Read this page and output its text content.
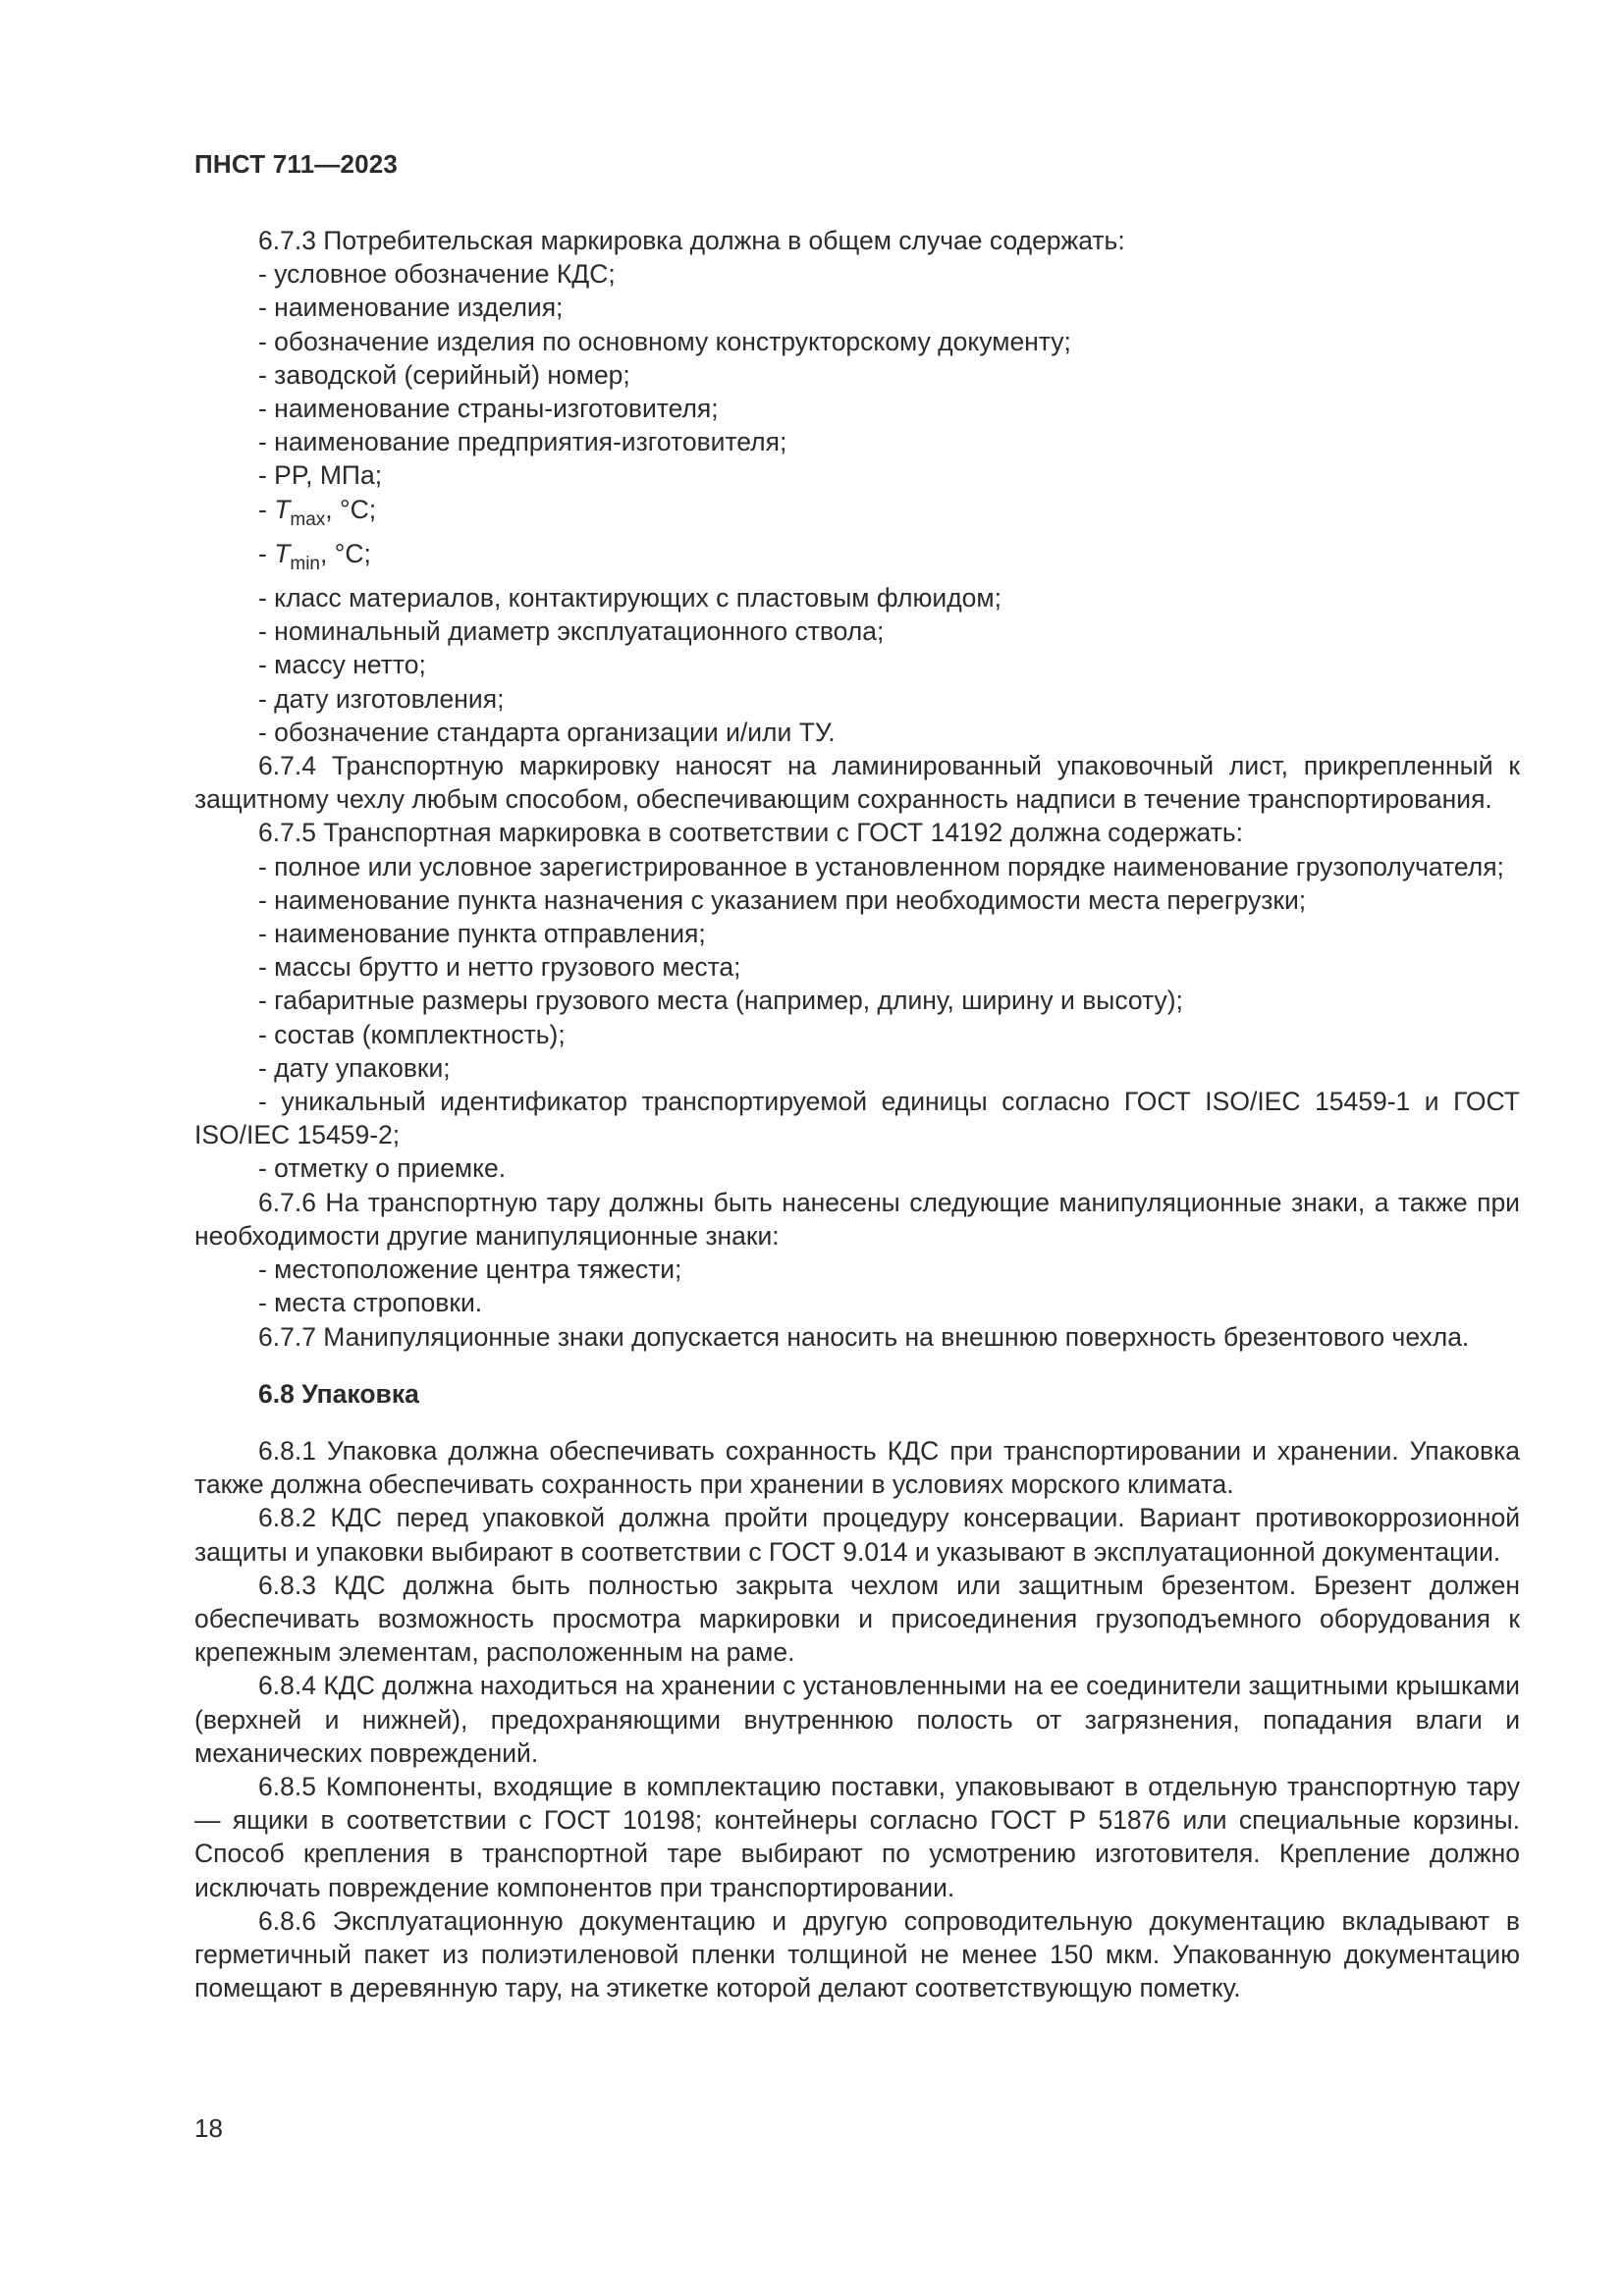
ПНСТ 711—2023

6.7.3 Потребительская маркировка должна в общем случае содержать:

- условное обозначение КДС;

- наименование изделия;

- обозначение изделия по основному конструкторскому документу;

- заводской (серийный) номер;

- наименование страны-изготовителя;

- наименование предприятия-изготовителя;

- PP, МПа;

- $T_{max}$, °C;

- $T_{min}$, °C;

- класс материалов, контактирующих с пластовым флюидом;

- номинальный диаметр эксплуатационного ствола;

- массу нетто;

- дату изготовления;

- обозначение стандарта организации и/или ТУ.

6.7.4 Транспортную маркировку наносят на ламинированный упаковочный лист, прикрепленный к защитному чехлу любым способом, обеспечивающим сохранность надписи в течение транспортирования.

6.7.5 Транспортная маркировка в соответствии с ГОСТ 14192 должна содержать:

- полное или условное зарегистрированное в установленном порядке наименование грузополучателя;

- наименование пункта назначения с указанием при необходимости места перегрузки;

- наименование пункта отправления;

- массы брутто и нетто грузового места;

- габаритные размеры грузового места (например, длину, ширину и высоту);

- состав (комплектность);

- дату упаковки;

- уникальный идентификатор транспортируемой единицы согласно ГОСТ ISO/IEC 15459-1 и ГОСТ ISO/IEC 15459-2;

- отметку о приемке.

6.7.6 На транспортную тару должны быть нанесены следующие манипуляционные знаки, а также при необходимости другие манипуляционные знаки:

- местоположение центра тяжести;

- места строповки.

6.7.7 Манипуляционные знаки допускается наносить на внешнюю поверхность брезентового чехла.

6.8 Упаковка

6.8.1 Упаковка должна обеспечивать сохранность КДС при транспортировании и хранении. Упаковка также должна обеспечивать сохранность при хранении в условиях морского климата.

6.8.2 КДС перед упаковкой должна пройти процедуру консервации. Вариант противокоррозионной защиты и упаковки выбирают в соответствии с ГОСТ 9.014 и указывают в эксплуатационной документации.

6.8.3 КДС должна быть полностью закрыта чехлом или защитным брезентом. Брезент должен обеспечивать возможность просмотра маркировки и присоединения грузоподъемного оборудования к крепежным элементам, расположенным на раме.

6.8.4 КДС должна находиться на хранении с установленными на ее соединители защитными крышками (верхней и нижней), предохраняющими внутреннюю полость от загрязнения, попадания влаги и механических повреждений.

6.8.5 Компоненты, входящие в комплектацию поставки, упаковывают в отдельную транспортную тару — ящики в соответствии с ГОСТ 10198; контейнеры согласно ГОСТ Р 51876 или специальные корзины. Способ крепления в транспортной таре выбирают по усмотрению изготовителя. Крепление должно исключать повреждение компонентов при транспортировании.

6.8.6 Эксплуатационную документацию и другую сопроводительную документацию вкладывают в герметичный пакет из полиэтиленовой пленки толщиной не менее 150 мкм. Упакованную документацию помещают в деревянную тару, на этикетке которой делают соответствующую пометку.

18
